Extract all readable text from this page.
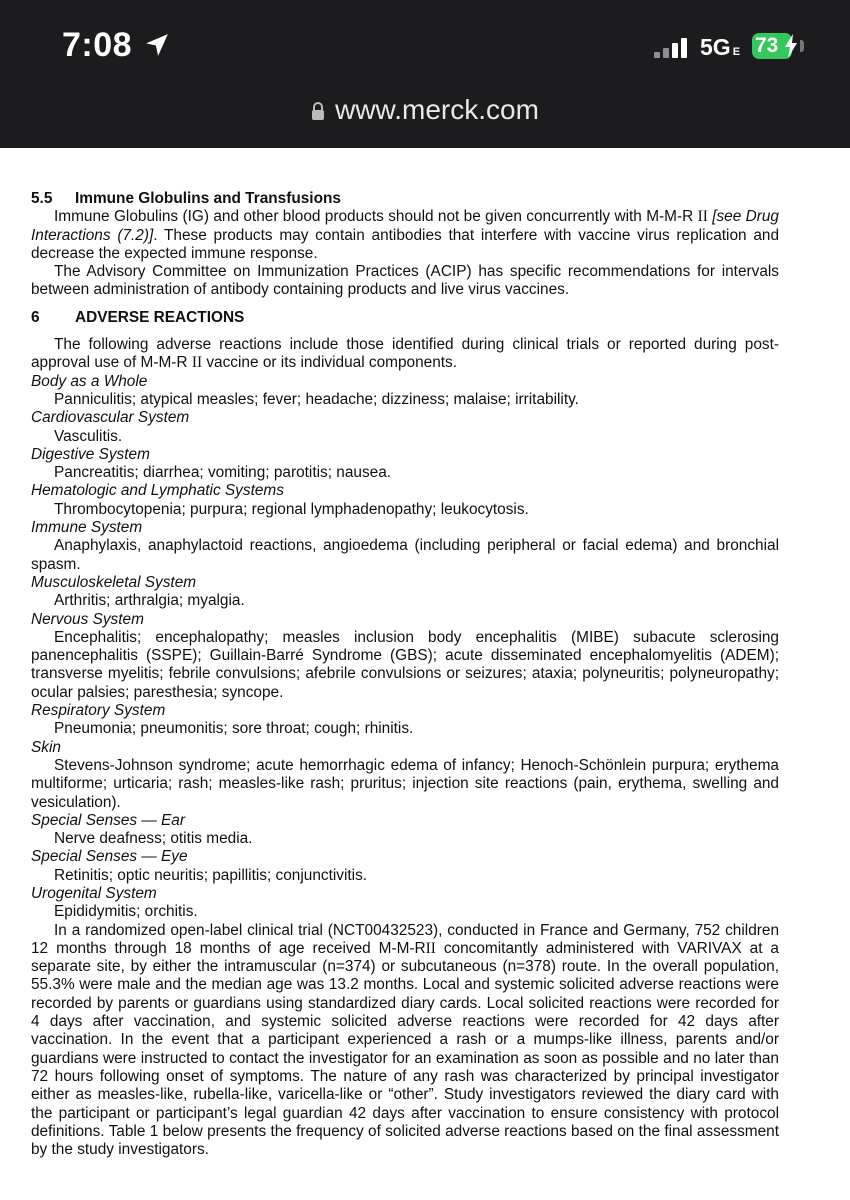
7:08	5G E 73
www.merck.com

5.5 Immune Globulins and Transfusions

Immune Globulins (IG) and other blood products should not be given concurrently with M-M-R II [see Drug Interactions (7.2)]. These products may contain antibodies that interfere with vaccine virus replication and decrease the expected immune response.

The Advisory Committee on Immunization Practices (ACIP) has specific recommendations for intervals between administration of antibody containing products and live virus vaccines.

6 ADVERSE REACTIONS

The following adverse reactions include those identified during clinical trials or reported during post-approval use of M-M-R II vaccine or its individual components.

Body as a Whole

Panniculitis; atypical measles; fever; headache; dizziness; malaise; irritability.

Cardiovascular System

Vasculitis.

Digestive System

Pancreatitis; diarrhea; vomiting; parotitis; nausea.

Hematologic and Lymphatic Systems

Thrombocytopenia; purpura; regional lymphadenopathy; leukocytosis.

Immune System

Anaphylaxis, anaphylactoid reactions, angioedema (including peripheral or facial edema) and bronchial spasm.

Musculoskeletal System

Arthritis; arthralgia; myalgia.

Nervous System

Encephalitis; encephalopathy; measles inclusion body encephalitis (MIBE) subacute sclerosing panencephalitis (SSPE); Guillain-Barré Syndrome (GBS); acute disseminated encephalomyelitis (ADEM); transverse myelitis; febrile convulsions; afebrile convulsions or seizures; ataxia; polyneuritis; polyneuropathy; ocular palsies; paresthesia; syncope.

Respiratory System

Pneumonia; pneumonitis; sore throat; cough; rhinitis.

Skin

Stevens-Johnson syndrome; acute hemorrhagic edema of infancy; Henoch-Schönlein purpura; erythema multiforme; urticaria; rash; measles-like rash; pruritus; injection site reactions (pain, erythema, swelling and vesiculation).

Special Senses — Ear

Nerve deafness; otitis media.

Special Senses — Eye

Retinitis; optic neuritis; papillitis; conjunctivitis.

Urogenital System

Epididymitis; orchitis.

In a randomized open-label clinical trial (NCT00432523), conducted in France and Germany, 752 children 12 months through 18 months of age received M-M-RII concomitantly administered with VARIVAX at a separate site, by either the intramuscular (n=374) or subcutaneous (n=378) route. In the overall population, 55.3% were male and the median age was 13.2 months. Local and systemic solicited adverse reactions were recorded by parents or guardians using standardized diary cards. Local solicited reactions were recorded for 4 days after vaccination, and systemic solicited adverse reactions were recorded for 42 days after vaccination. In the event that a participant experienced a rash or a mumps-like illness, parents and/or guardians were instructed to contact the investigator for an examination as soon as possible and no later than 72 hours following onset of symptoms. The nature of any rash was characterized by principal investigator either as measles-like, rubella-like, varicella-like or “other”. Study investigators reviewed the diary card with the participant or participant’s legal guardian 42 days after vaccination to ensure consistency with protocol definitions. Table 1 below presents the frequency of solicited adverse reactions based on the final assessment by the study investigators.
